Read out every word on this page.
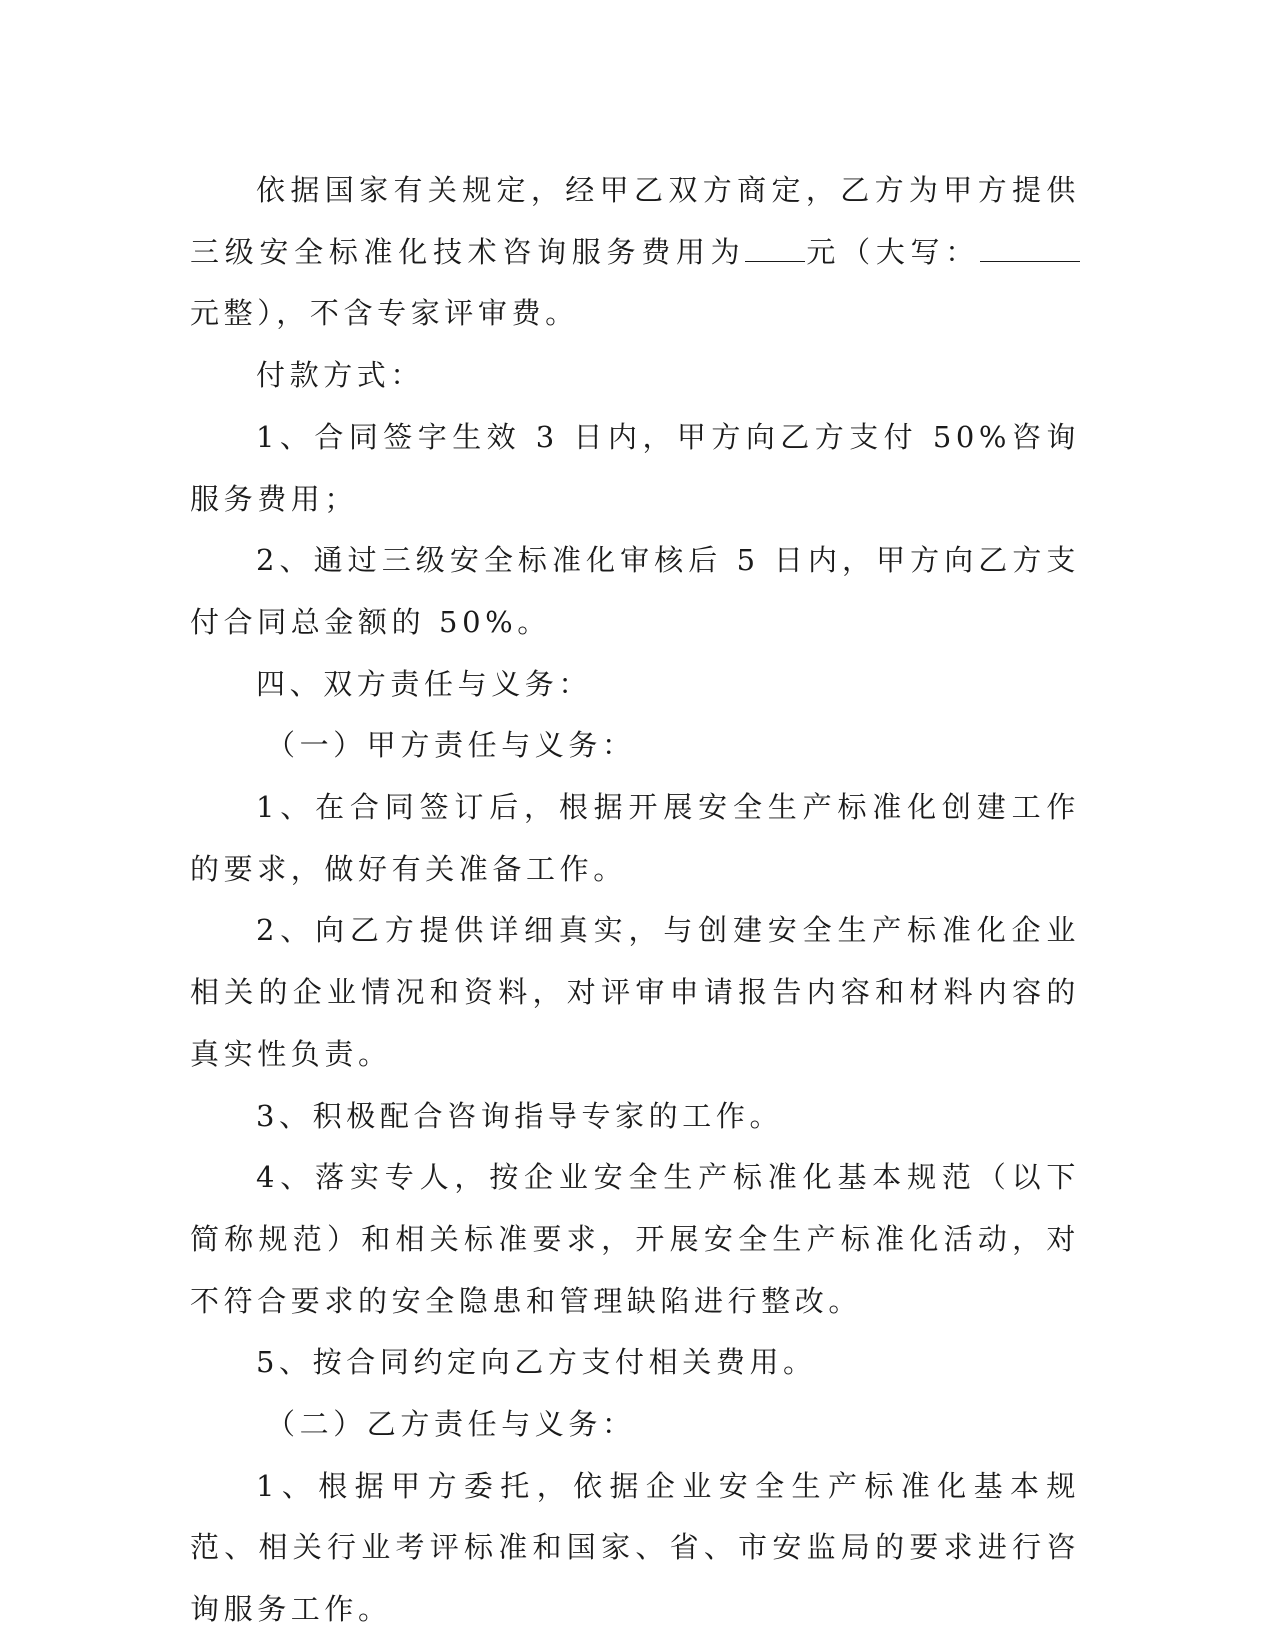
依据国家有关规定，经甲乙双方商定，乙方为甲方提供三级安全标准化技术咨询服务费用为 元（大写：元整），不含专家评审费。

付款方式：

1、合同签字生效 3 日内，甲方向乙方支付 50%咨询服务费用；

2、通过三级安全标准化审核后 5 日内，甲方向乙方支付合同总金额的 50%。

四、双方责任与义务：

（一）甲方责任与义务：

1、在合同签订后，根据开展安全生产标准化创建工作的要求，做好有关准备工作。

2、向乙方提供详细真实，与创建安全生产标准化企业相关的企业情况和资料，对评审申请报告内容和材料内容的真实性负责。

3、积极配合咨询指导专家的工作。

4、落实专人，按企业安全生产标准化基本规范（以下简称规范）和相关标准要求，开展安全生产标准化活动，对不符合要求的安全隐患和管理缺陷进行整改。

5、按合同约定向乙方支付相关费用。

（二）乙方责任与义务：

1、根据甲方委托，依据企业安全生产标准化基本规范、相关行业考评标准和国家、省、市安监局的要求进行咨询服务工作。
